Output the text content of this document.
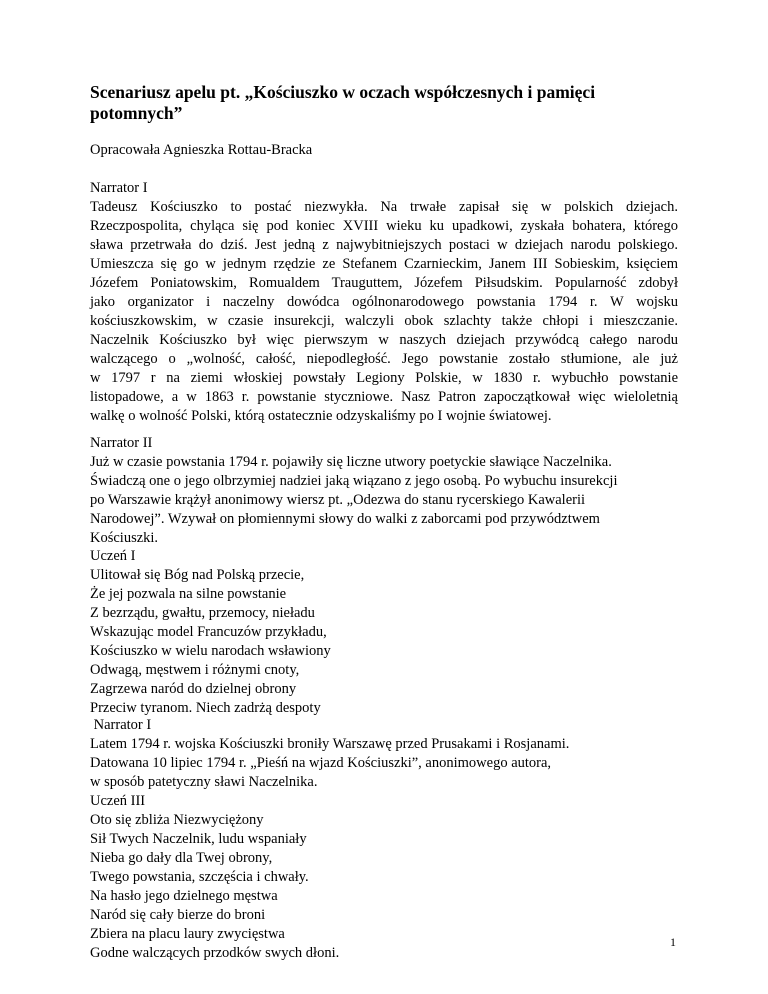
Scenariusz apelu pt. „Kościuszko w oczach współczesnych i pamięci potomnych”
Opracowała Agnieszka Rottau-Bracka
Narrator I
Tadeusz Kościuszko to postać niezwykła. Na trwałe zapisał się w polskich dziejach.
Rzeczpospolita, chyląca się pod koniec XVIII wieku ku upadkowi, zyskała bohatera, którego
sława przetrwała do dziś. Jest jedną z najwybitniejszych postaci w dziejach narodu polskiego.
Umieszcza się go w jednym rzędzie ze Stefanem Czarnieckim, Janem III Sobieskim, księciem
Józefem Poniatowskim, Romualdem Trauguttem, Józefem Piłsudskim. Popularność zdobył
jako organizator i naczelny dowódca ogólnonarodowego powstania 1794 r. W wojsku
kościuszkowskim, w czasie insurekcji, walczyli obok szlachty także chłopi i mieszczanie.
Naczelnik Kościuszko był więc pierwszym w naszych dziejach przywódcą całego narodu
walczącego o „wolność, całość, niepodległość. Jego powstanie zostało stłumione, ale już
w 1797 r na ziemi włoskiej powstały Legiony Polskie, w 1830 r. wybuchło powstanie
listopadowe, a w 1863 r. powstanie styczniowe. Nasz Patron zapoczątkował więc wieloletnią
walkę o wolność Polski, którą ostatecznie odzyskaliśmy po I wojnie światowej.
Narrator II
Już w czasie powstania 1794 r. pojawiły się liczne utwory poetyckie sławiące Naczelnika.
Świadczą one o jego olbrzymiej nadziei jaką wiązano z jego osobą. Po wybuchu insurekcji
po Warszawie krążył anonimowy wiersz pt. „Odezwa do stanu rycerskiego Kawalerii
Narodowej”. Wzywał on płomiennymi słowy do walki z zaborcami pod przywództwem
Kościuszki.
Uczeń I
Ulitował się Bóg nad Polską przecie,
Że jej pozwala na silne powstanie
Z bezrządu, gwałtu, przemocy, nieładu
Wskazując model Francuzów przykładu,
Kościuszko w wielu narodach wsławiony
Odwagą, męstwem i różnymi cnoty,
Zagrzewa naród do dzielnej obrony
Przeciw tyranom. Niech zadrżą despoty
Narrator I
Latem 1794 r. wojska Kościuszki broniły Warszawę przed Prusakami i Rosjanami.
Datowana 10 lipiec 1794 r. „Pieśń na wjazd Kościuszki”, anonimowego autora,
w sposób patetyczny sławi Naczelnika.
Uczeń III
Oto się zbliża Niezwyciężony
Sił Twych Naczelnik, ludu wspaniały
Nieba go dały dla Twej obrony,
Twego powstania, szczęścia i chwały.
Na hasło jego dzielnego męstwa
Naród się cały bierze do broni
Zbiera na placu laury zwycięstwa
Godne walczących przodków swych dłoni.
1
